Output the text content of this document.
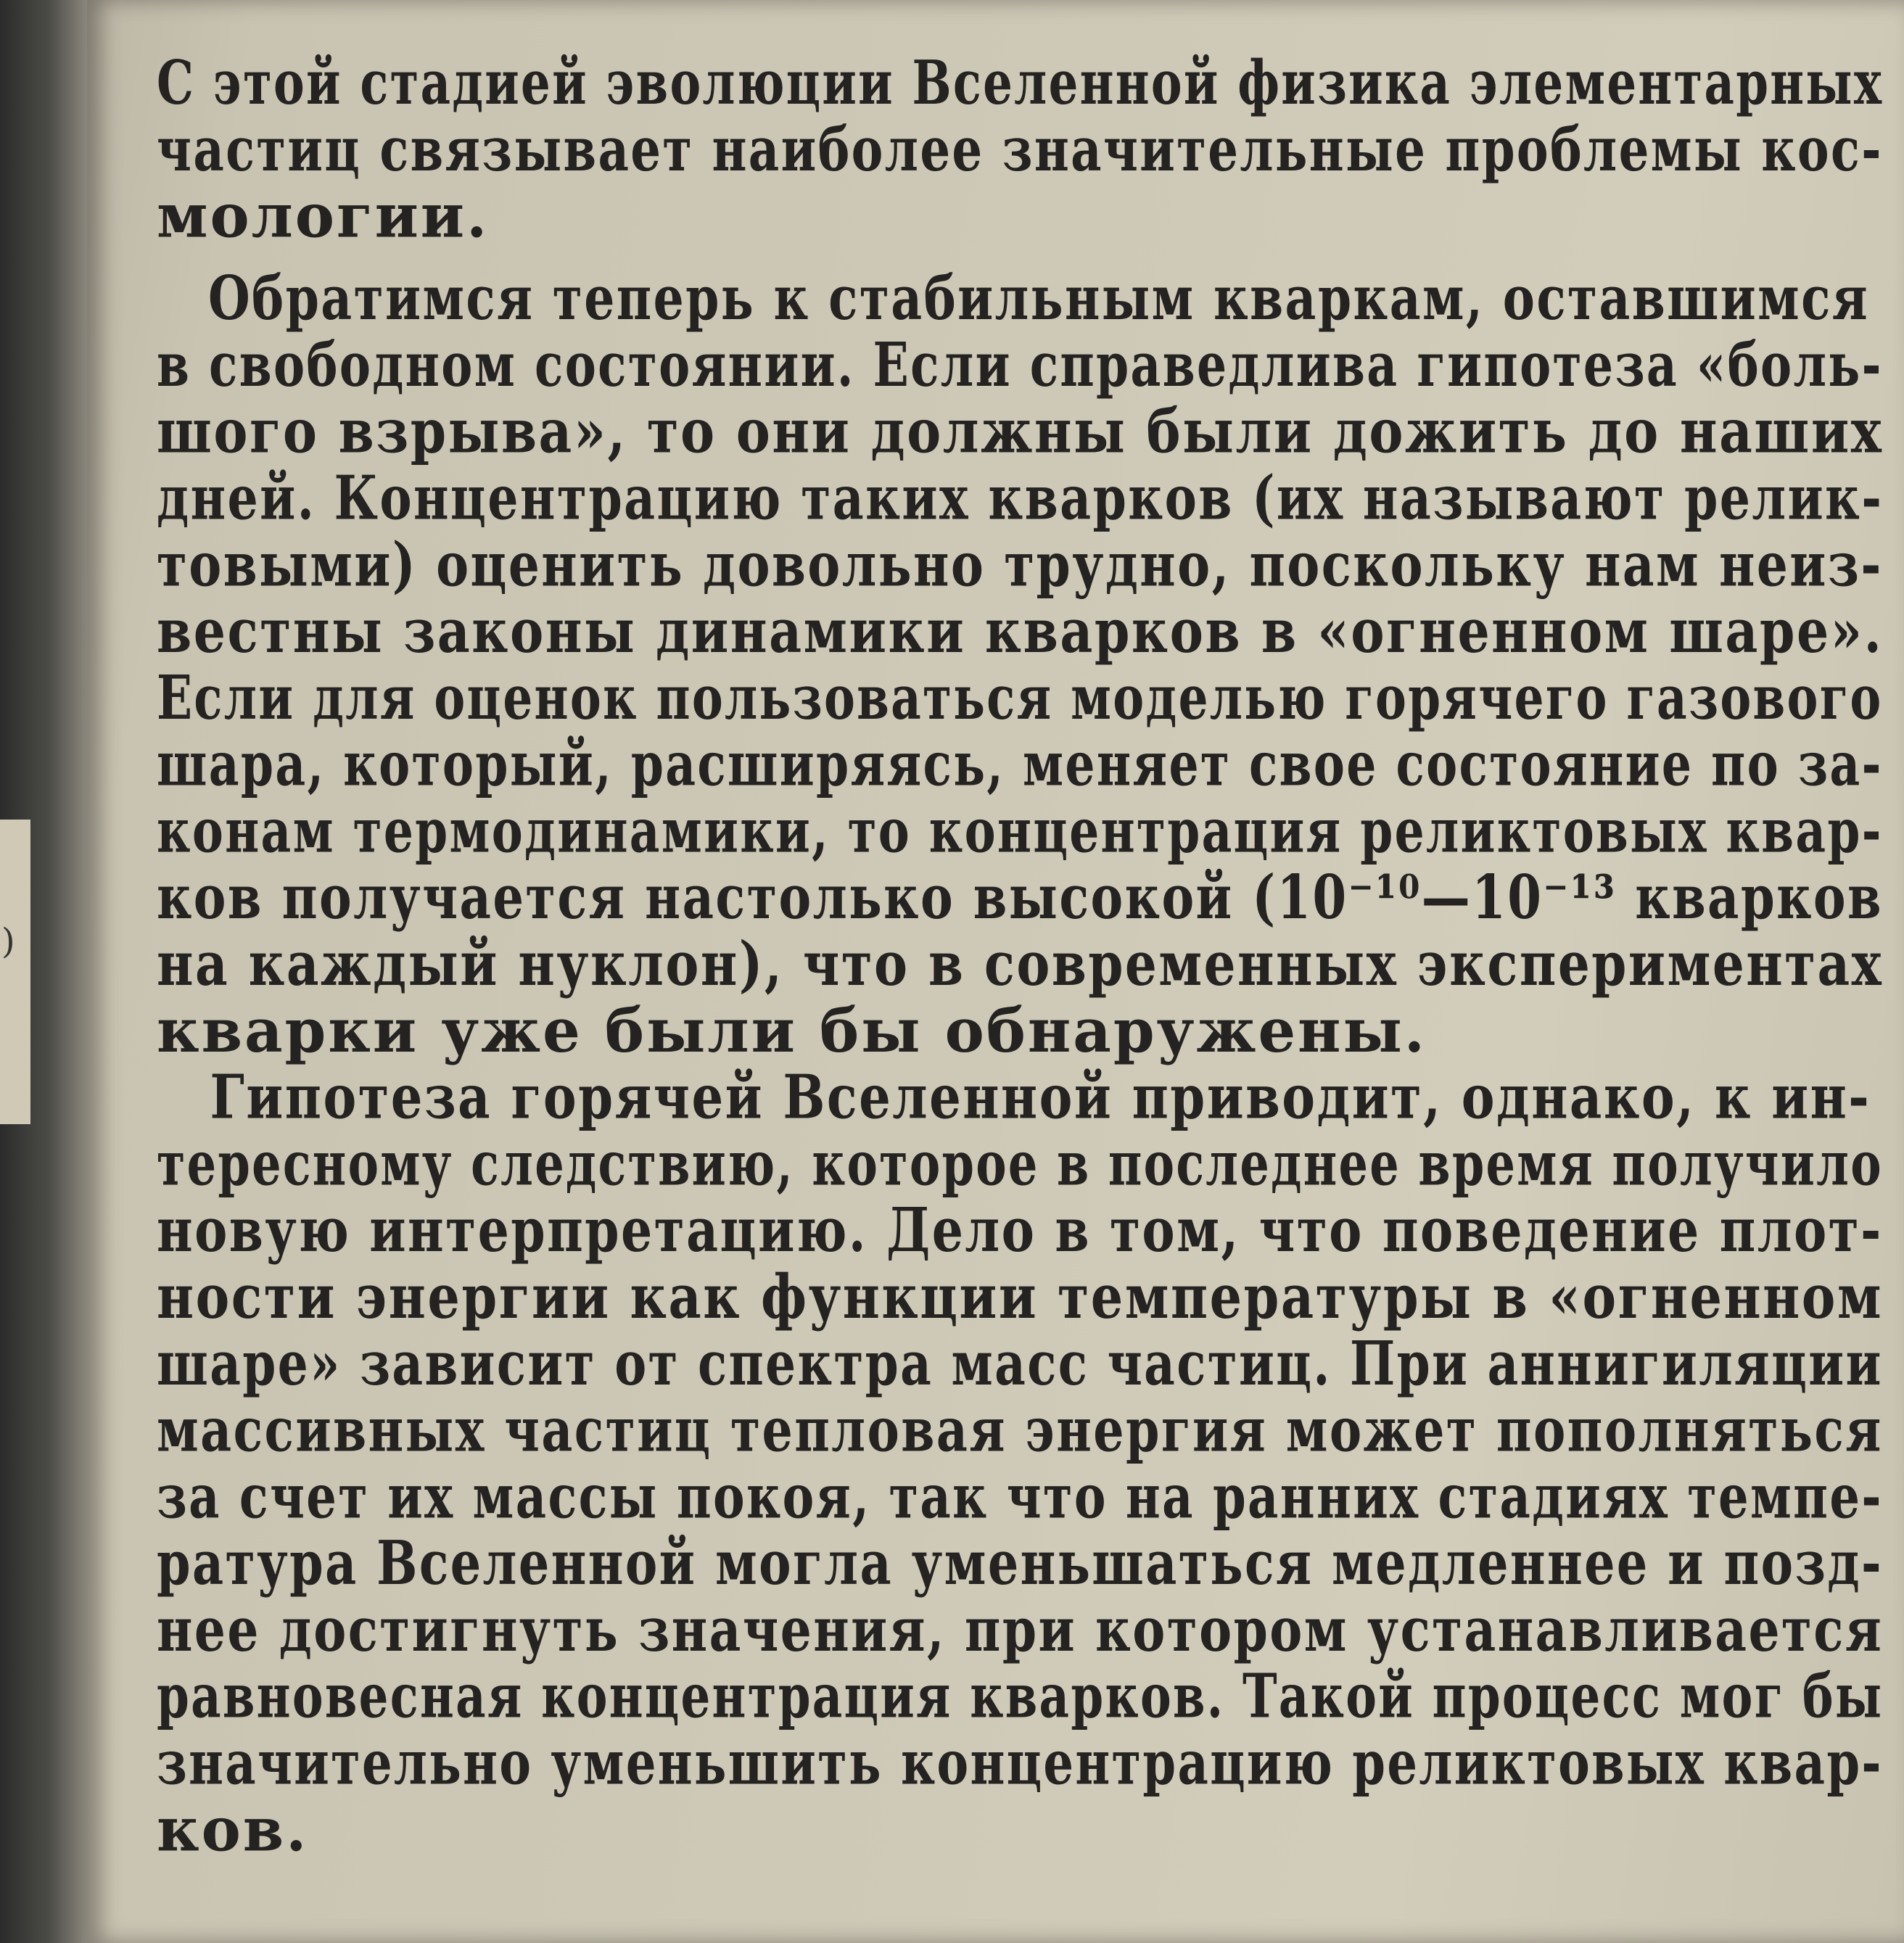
)
С этой стадией эволюции Вселенной физика элементарных
частиц связывает наиболее значительные проблемы кос-
мологии.
Обратимся теперь к стабильным кваркам, оставшимся
в свободном состоянии. Если справедлива гипотеза «боль-
шого взрыва», то они должны были дожить до наших
дней. Концентрацию таких кварков (их называют релик-
товыми) оценить довольно трудно, поскольку нам неиз-
вестны законы динамики кварков в «огненном шаре».
Если для оценок пользоваться моделью горячего газового
шара, который, расширяясь, меняет свое состояние по за-
конам термодинамики, то концентрация реликтовых квар-
ков получается настолько высокой (10⁻¹⁰—10⁻¹³ кварков
на каждый нуклон), что в современных экспериментах
кварки уже были бы обнаружены.
Гипотеза горячей Вселенной приводит, однако, к ин-
тересному следствию, которое в последнее время получило
новую интерпретацию. Дело в том, что поведение плот-
ности энергии как функции температуры в «огненном
шаре» зависит от спектра масс частиц. При аннигиляции
массивных частиц тепловая энергия может пополняться
за счет их массы покоя, так что на ранних стадиях темпе-
ратура Вселенной могла уменьшаться медленнее и позд-
нее достигнуть значения, при котором устанавливается
равновесная концентрация кварков. Такой процесс мог бы
значительно уменьшить концентрацию реликтовых квар-
ков.
